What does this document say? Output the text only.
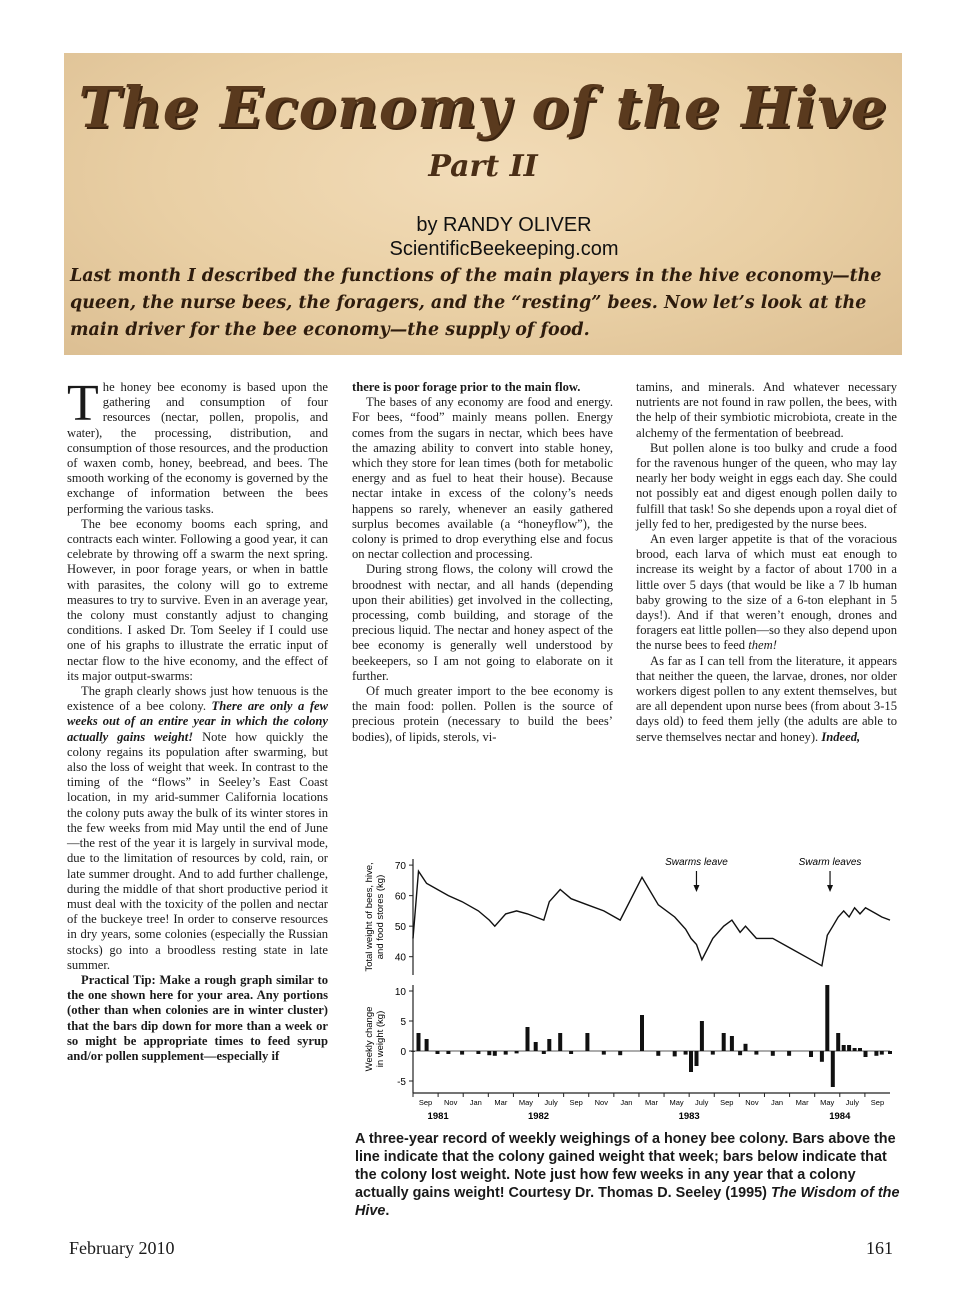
The Economy of the Hive
Part II
by RANDY OLIVER
ScientificBeekeeping.com
Last month I described the functions of the main players in the hive economy—the queen, the nurse bees, the foragers, and the “resting” bees. Now let’s look at the main driver for the bee economy—the supply of food.

The honey bee economy is based upon the gathering and consumption of four resources (nectar, pollen, propolis, and water), the processing, distribution, and consumption of those resources, and the production of waxen comb, honey, beebread, and bees. The smooth working of the economy is governed by the exchange of information between the bees performing the various tasks.

The bee economy booms each spring, and contracts each winter. Following a good year, it can celebrate by throwing off a swarm the next spring. However, in poor forage years, or when in battle with parasites, the colony will go to extreme measures to try to survive. Even in an average year, the colony must constantly adjust to changing conditions. I asked Dr. Tom Seeley if I could use one of his graphs to illustrate the erratic input of nectar flow to the hive economy, and the effect of its major output-swarms:

The graph clearly shows just how tenuous is the existence of a bee colony. There are only a few weeks out of an entire year in which the colony actually gains weight! Note how quickly the colony regains its population after swarming, but also the loss of weight that week. In contrast to the timing of the “flows” in Seeley’s East Coast location, in my arid-summer California locations the colony puts away the bulk of its winter stores in the few weeks from mid May until the end of June—the rest of the year it is largely in survival mode, due to the limitation of resources by cold, rain, or late summer drought. And to add further challenge, during the middle of that short productive period it must deal with the toxicity of the pollen and nectar of the buckeye tree! In order to conserve resources in dry years, some colonies (especially the Russian stocks) go into a broodless resting state in late summer.

Practical Tip: Make a rough graph similar to the one shown here for your area. Any portions (other than when colonies are in winter cluster) that the bars dip down for more than a week or so might be appropriate times to feed syrup and/or pollen supplement—especially if

there is poor forage prior to the main flow.

The bases of any economy are food and energy. For bees, “food” mainly means pollen. Energy comes from the sugars in nectar, which bees have the amazing ability to convert into stable honey, which they store for lean times (both for metabolic energy and as fuel to heat their house). Because nectar intake in excess of the colony’s needs happens so rarely, whenever an easily gathered surplus becomes available (a “honeyflow”), the colony is primed to drop everything else and focus on nectar collection and processing.

During strong flows, the colony will crowd the broodnest with nectar, and all hands (depending upon their abilities) get involved in the collecting, processing, comb building, and storage of the precious liquid. The nectar and honey aspect of the bee economy is generally well understood by beekeepers, so I am not going to elaborate on it further.

Of much greater import to the bee economy is the main food: pollen. Pollen is the source of precious protein (necessary to build the bees’ bodies), of lipids, sterols, vi-

tamins, and minerals. And whatever necessary nutrients are not found in raw pollen, the bees, with the help of their symbiotic microbiota, create in the alchemy of the fermentation of beebread.

But pollen alone is too bulky and crude a food for the ravenous hunger of the queen, who may lay nearly her body weight in eggs each day. She could not possibly eat and digest enough pollen daily to fulfill that task! So she depends upon a royal diet of jelly fed to her, predigested by the nurse bees.

An even larger appetite is that of the voracious brood, each larva of which must eat enough to increase its weight by a factor of about 1700 in a little over 5 days (that would be like a 7 lb human baby growing to the size of a 6-ton elephant in 5 days!). And if that weren’t enough, drones and foragers eat little pollen—so they also depend upon the nurse bees to feed them!

As far as I can tell from the literature, it appears that neither the queen, the larvae, drones, nor older workers digest pollen to any extent themselves, but are all dependent upon nurse bees (from about 3-15 days old) to feed them jelly (the adults are able to serve themselves nectar and honey). Indeed,

70
60
50
40
10
5
0
-5
Total weight of bees, hive, and food stores (kg)
Weekly change in weight (kg)
Sep Nov Jan Mar May July Sep Nov Jan Mar May July Sep Nov Jan Mar May July Sep
1981	1982	1983	1984
Swarms leave	Swarm leaves
A three-year record of weekly weighings of a honey bee colony. Bars above the line indicate that the colony gained weight that week; bars below indicate that the colony lost weight. Note just how few weeks in any year that a colony actually gains weight! Courtesy Dr. Thomas D. Seeley (1995) The Wisdom of the Hive.
February 2010	161
